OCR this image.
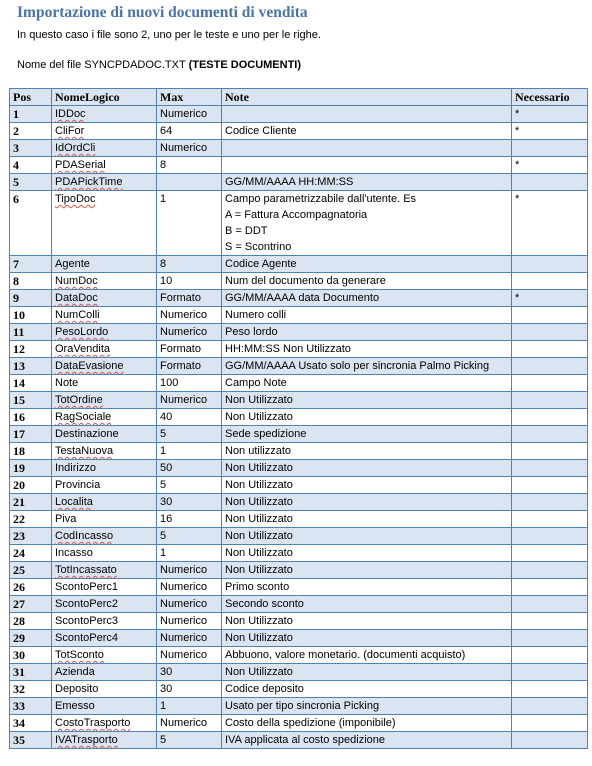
Importazione di nuovi documenti di vendita
In questo caso i file sono 2, uno per le teste e uno per le righe.
Nome del file SYNCPDADOC.TXT (TESTE DOCUMENTI)
Pos	NomeLogico	Max	Note	Necessario
1	IDDoc	Numerico		*
2	CliFor	64	Codice Cliente	*
3	IdOrdCli	Numerico	

4	PDASerial	8		*
5	PDAPickTime		GG/MM/AAAA HH:MM:SS	

6	TipoDoc	1	Campo parametrizzabile dall'utente. Es
A = Fattura Accompagnatoria
B = DDT
S = Scontrino	*
7	Agente	8	Codice Agente	

8	NumDoc	10	Num del documento da generare	

9	DataDoc	Formato	GG/MM/AAAA data Documento	*
10	NumColli	Numerico	Numero colli	

11	PesoLordo	Numerico	Peso lordo	

12	OraVendita	Formato	HH:MM:SS Non Utilizzato	

13	DataEvasione	Formato	GG/MM/AAAA Usato solo per sincronia Palmo Picking	

14	Note	100	Campo Note	

15	TotOrdine	Numerico	Non Utilizzato	

16	RagSociale	40	Non Utilizzato	

17	Destinazione	5	Sede spedizione	

18	TestaNuova	1	Non utilizzato	

19	Indirizzo	50	Non Utilizzato	

20	Provincia	5	Non Utilizzato	

21	Localita	30	Non Utilizzato	

22	Piva	16	Non Utilizzato	

23	CodIncasso	5	Non Utilizzato	

24	Incasso	1	Non Utilizzato	

25	TotIncassato	Numerico	Non Utilizzato	

26	ScontoPerc1	Numerico	Primo sconto	

27	ScontoPerc2	Numerico	Secondo sconto	

28	ScontoPerc3	Numerico	Non Utilizzato	

29	ScontoPerc4	Numerico	Non Utilizzato	

30	TotSconto	Numerico	Abbuono, valore monetario. (documenti acquisto)	

31	Azienda	30	Non Utilizzato	

32	Deposito	30	Codice deposito	

33	Emesso	1	Usato per tipo sincronia Picking	

34	CostoTrasporto	Numerico	Costo della spedizione (imponibile)	

35	IVATrasporto	5	IVA applicata al costo spedizione	
